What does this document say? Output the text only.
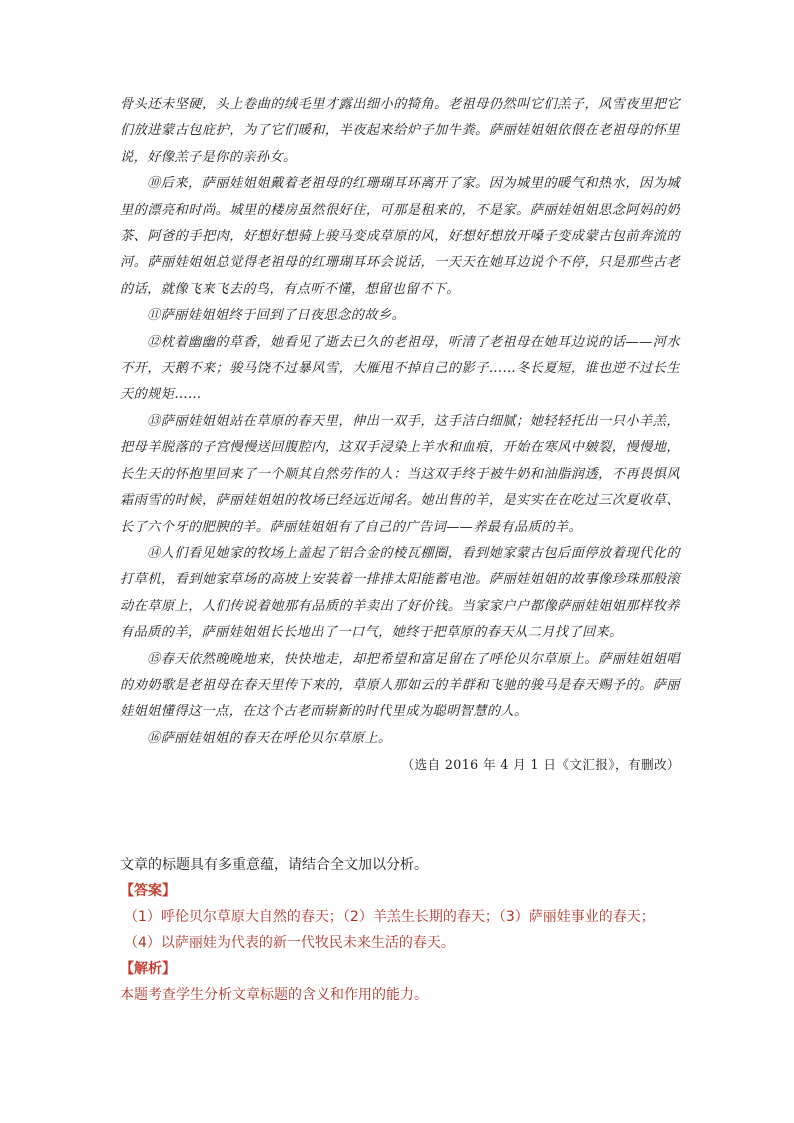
骨头还未坚硬，头上卷曲的绒毛里才露出细小的犄角。老祖母仍然叫它们羔子，风雪夜里把它们放进蒙古包庇护，为了它们暖和，半夜起来给炉子加牛粪。萨丽娃姐姐依偎在老祖母的怀里说，好像羔子是你的亲孙女。

⑩后来，萨丽娃姐姐戴着老祖母的红珊瑚耳环离开了家。因为城里的暖气和热水，因为城里的漂亮和时尚。城里的楼房虽然很好住，可那是租来的，不是家。萨丽娃姐姐思念阿妈的奶茶、阿爸的手把肉，好想好想骑上骏马变成草原的风，好想好想放开嗓子变成蒙古包前奔流的河。萨丽娃姐姐总觉得老祖母的红珊瑚耳环会说话，一天天在她耳边说个不停，只是那些古老的话，就像飞来飞去的鸟，有点听不懂，想留也留不下。

⑪萨丽娃姐姐终于回到了日夜思念的故乡。

⑫枕着幽幽的草香，她看见了逝去已久的老祖母，听清了老祖母在她耳边说的话——河水不开，天鹅不来；骏马饶不过暴风雪，大雁甩不掉自己的影子……冬长夏短，谁也逆不过长生天的规矩……

⑬萨丽娃姐姐站在草原的春天里，伸出一双手，这手洁白细腻；她轻轻托出一只小羊羔，把母羊脱落的子宫慢慢送回腹腔内，这双手浸染上羊水和血痕，开始在寒风中皴裂，慢慢地，长生天的怀抱里回来了一个顺其自然劳作的人：当这双手终于被牛奶和油脂润透，不再畏惧风霜雨雪的时候，萨丽娃姐姐的牧场已经远近闻名。她出售的羊，是实实在在吃过三次夏收草、长了六个牙的肥腴的羊。萨丽娃姐姐有了自己的广告词——养最有品质的羊。

⑭人们看见她家的牧场上盖起了铝合金的棱瓦棚圈，看到她家蒙古包后面停放着现代化的打草机，看到她家草场的高坡上安装着一排排太阳能蓄电池。萨丽娃姐姐的故事像珍珠那般滚动在草原上，人们传说着她那有品质的羊卖出了好价钱。当家家户户都像萨丽娃姐姐那样牧养有品质的羊，萨丽娃姐姐长长地出了一口气，她终于把草原的春天从二月找了回来。

⑮春天依然晚晚地来，快快地走，却把希望和富足留在了呼伦贝尔草原上。萨丽娃姐姐唱的劝奶歌是老祖母在春天里传下来的，草原人那如云的羊群和飞驰的骏马是春天赐予的。萨丽娃姐姐懂得这一点，在这个古老而崭新的时代里成为聪明智慧的人。

⑯萨丽娃姐姐的春天在呼伦贝尔草原上。

（选自 2016 年 4 月 1 日《文汇报》，有删改）

文章的标题具有多重意蕴，请结合全文加以分析。

【答案】

（1）呼伦贝尔草原大自然的春天；（2）羊羔生长期的春天；（3）萨丽娃事业的春天；

（4）以萨丽娃为代表的新一代牧民未来生活的春天。

【解析】

本题考查学生分析文章标题的含义和作用的能力。
